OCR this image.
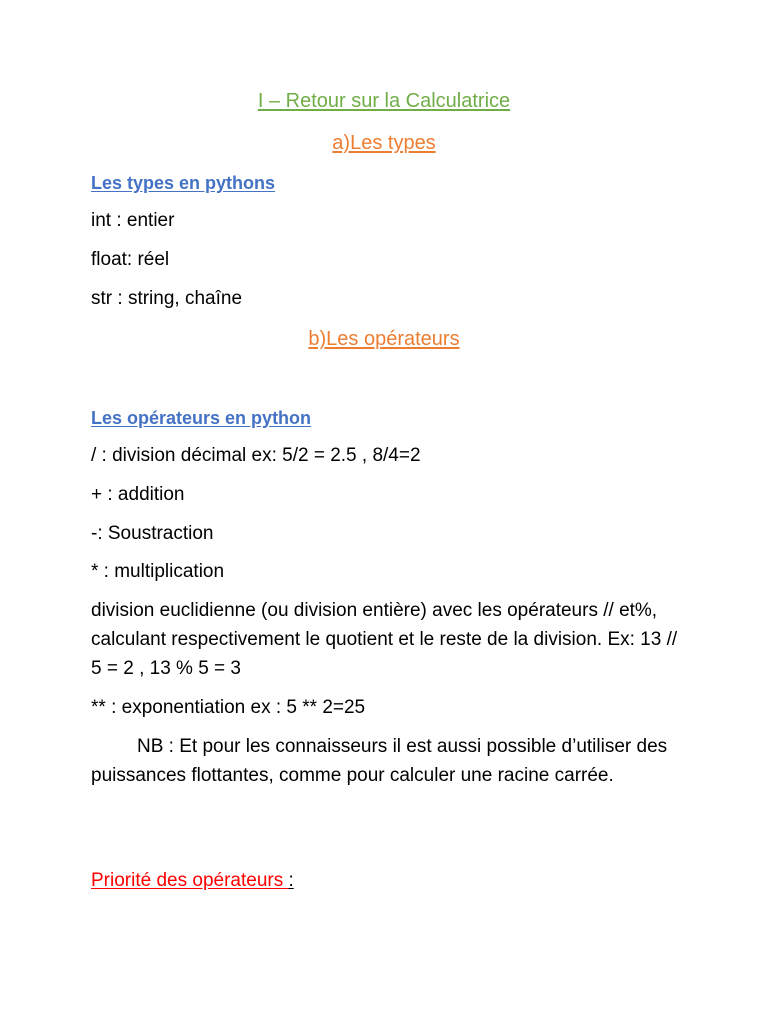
I – Retour sur la Calculatrice
a)Les types
Les types en pythons
int : entier
float: réel
str : string, chaîne
b)Les opérateurs
Les opérateurs en python
/ : division décimal ex: 5/2 = 2.5 , 8/4=2
+ : addition
-: Soustraction
* : multiplication
division euclidienne (ou division entière) avec les opérateurs // et%, calculant respectivement le quotient et le reste de la division. Ex: 13 // 5 = 2 , 13 % 5 = 3
** : exponentiation ex : 5 ** 2=25
NB : Et pour les connaisseurs il est aussi possible d’utiliser des puissances flottantes, comme pour calculer une racine carrée.
Priorité des opérateurs :
